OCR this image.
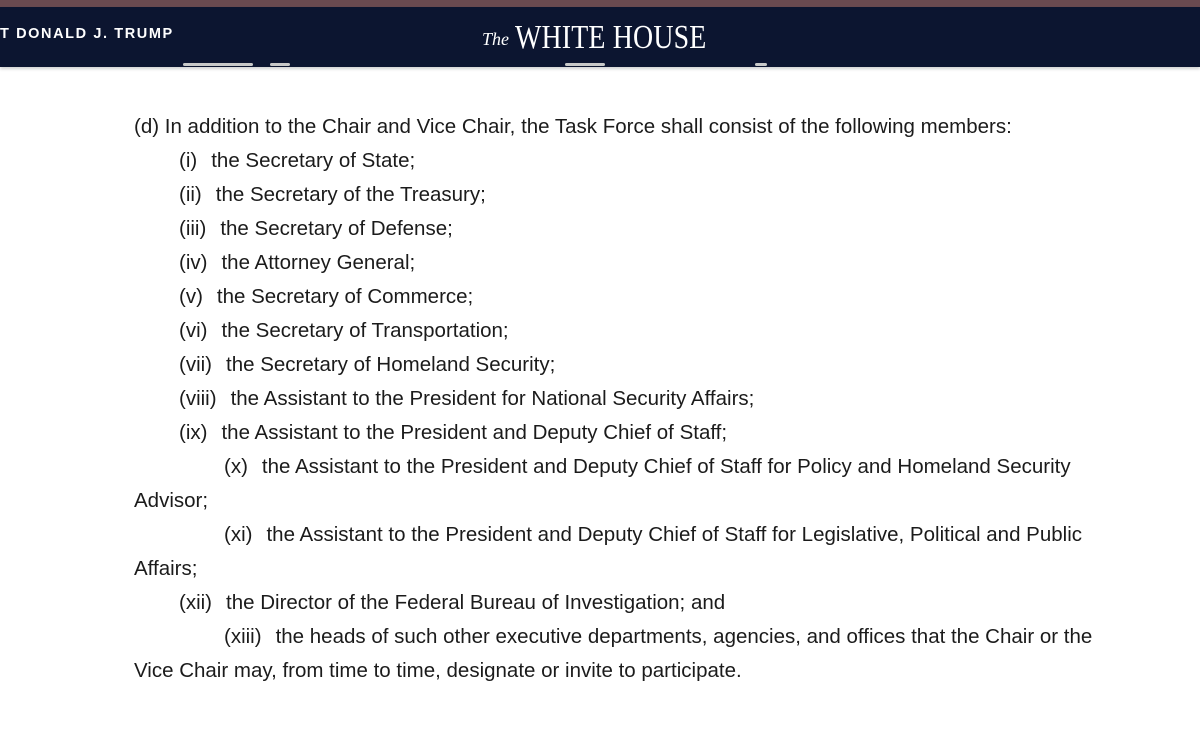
T DONALD J. TRUMP	The WHITE HOUSE

(d) In addition to the Chair and Vice Chair, the Task Force shall consist of the following members:

(i) the Secretary of State;

(ii) the Secretary of the Treasury;

(iii) the Secretary of Defense;

(iv) the Attorney General;

(v) the Secretary of Commerce;

(vi) the Secretary of Transportation;

(vii) the Secretary of Homeland Security;

(viii) the Assistant to the President for National Security Affairs;

(ix) the Assistant to the President and Deputy Chief of Staff;

(x) the Assistant to the President and Deputy Chief of Staff for Policy and Homeland Security Advisor;

(xi) the Assistant to the President and Deputy Chief of Staff for Legislative, Political and Public Affairs;

(xii) the Director of the Federal Bureau of Investigation; and

(xiii) the heads of such other executive departments, agencies, and offices that the Chair or the Vice Chair may, from time to time, designate or invite to participate.
